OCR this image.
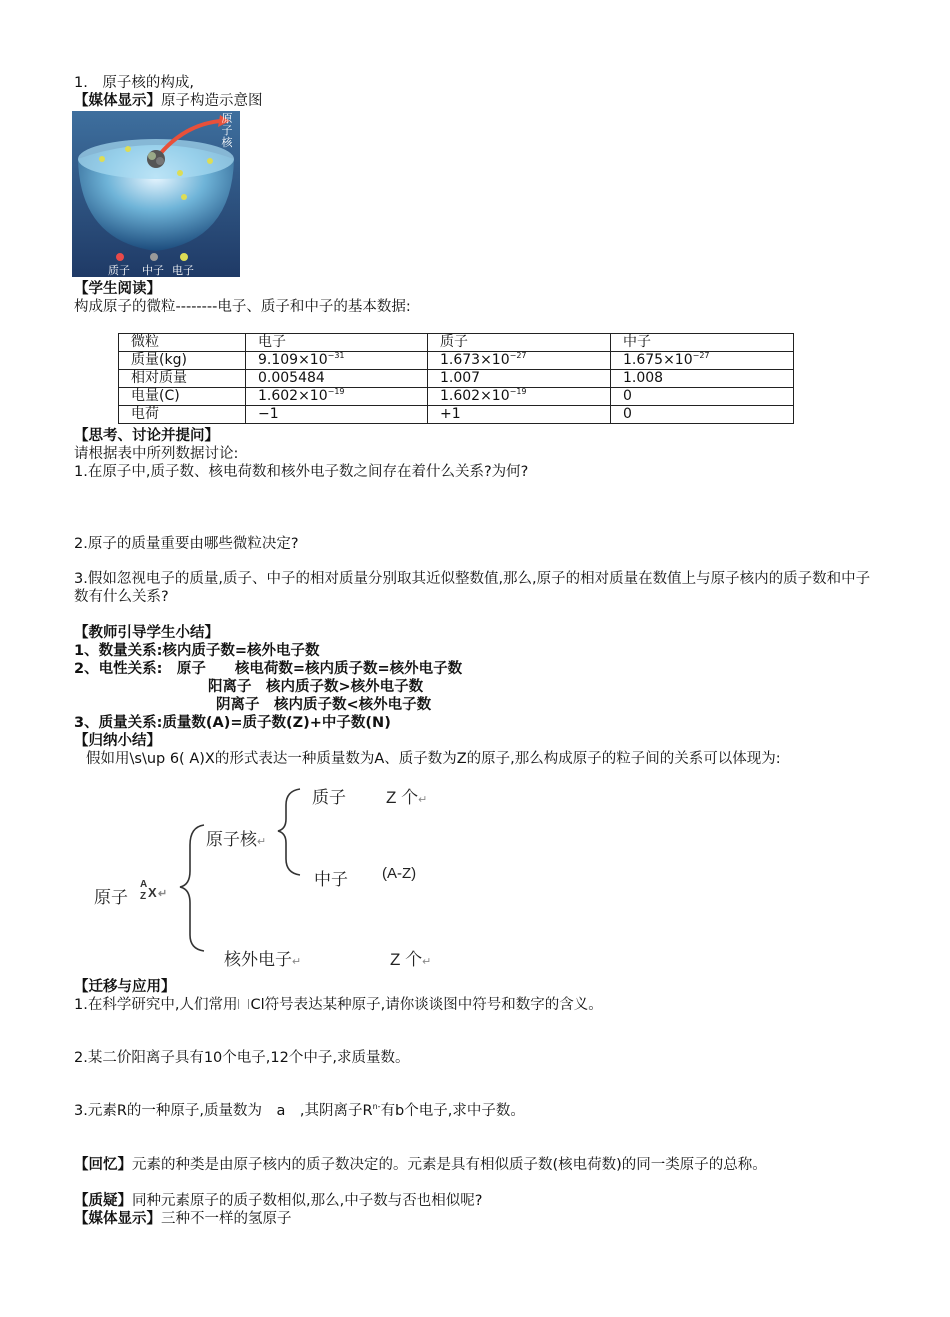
1.　原子核的构成,
【媒体显示】原子构造示意图
原
子
核
质子 中子 电子
【学生阅读】
构成原子的微粒--------电子、质子和中子的基本数据:
微粒	电子	质子	中子
质量(kg)	$9.109\times 10^{-31}$	$1.673\times 10^{-27}$	$1.675\times 10^{-27}$
相对质量	0.005484	1.007	1.008
电量(C)	$1.602\times 10^{-19}$	$1.602\times 10^{-19}$	0
电荷	−1	+1	0
【思考、讨论并提问】
请根据表中所列数据讨论:
1.在原子中,质子数、核电荷数和核外电子数之间存在着什么关系?为何?
2.原子的质量重要由哪些微粒决定?
3.假如忽视电子的质量,质子、中子的相对质量分别取其近似整数值,那么,原子的相对质量在数值上与原子核内的质子数和中子数有什么关系?
【教师引导学生小结】
1、数量关系:核内质子数=核外电子数
2、电性关系:　原子　　核电荷数=核内质子数=核外电子数
阳离子　核内质子数>核外电子数
阴离子　核内质子数<核外电子数
3、质量关系:质量数(A)=质子数(Z)+中子数(N)
【归纳小结】
假如用\s\up 6( A)X的形式表达一种质量数为A、质子数为Z的原子,那么构成原子的粒子间的关系可以体现为:
原子
A
Z X ↵
原子核↵
质子 Z 个↵
中子 (A-Z)
核外电子↵	Z 个↵
【迁移与应用】
1.在科学研究中,人们常用 Cl符号表达某种原子,请你谈谈图中符号和数字的含义。
2.某二价阳离子具有10个电子,12个中子,求质量数。
3.元素R的一种原子,质量数为　a　,其阴离子$R^{n-}$有b个电子,求中子数。
【回忆】元素的种类是由原子核内的质子数决定的。元素是具有相似质子数(核电荷数)的同一类原子的总称。
【质疑】同种元素原子的质子数相似,那么,中子数与否也相似呢?
【媒体显示】三种不一样的氢原子
